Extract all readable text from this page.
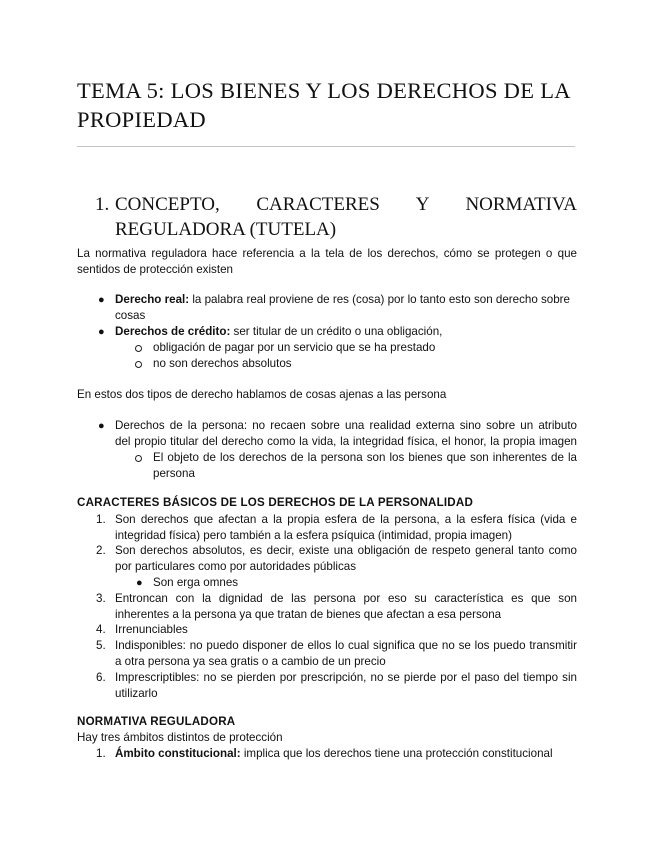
TEMA 5: LOS BIENES Y LOS DERECHOS DE LA
PROPIEDAD
1. CONCEPTO, CARACTERES Y NORMATIVA
REGULADORA (TUTELA)
La normativa reguladora hace referencia a la tela de los derechos, cómo se protegen o que
sentidos de protección existen
● Derecho real: la palabra real proviene de res (cosa) por lo tanto esto son derecho sobre
cosas
● Derechos de crédito: ser titular de un crédito o una obligación,
obligación de pagar por un servicio que se ha prestado
no son derechos absolutos
En estos dos tipos de derecho hablamos de cosas ajenas a las persona
● Derechos de la persona: no recaen sobre una realidad externa sino sobre un atributo
del propio titular del derecho como la vida, la integridad física, el honor, la propia imagen
El objeto de los derechos de la persona son los bienes que son inherentes de la
persona
CARACTERES BÁSICOS DE LOS DERECHOS DE LA PERSONALIDAD
1. Son derechos que afectan a la propia esfera de la persona, a la esfera física (vida e
integridad física) pero también a la esfera psíquica (intimidad, propia imagen)
2. Son derechos absolutos, es decir, existe una obligación de respeto general tanto como
por particulares como por autoridades públicas
● Son erga omnes
3. Entroncan con la dignidad de las persona por eso su característica es que son
inherentes a la persona ya que tratan de bienes que afectan a esa persona
4. Irrenunciables
5. Indisponibles: no puedo disponer de ellos lo cual significa que no se los puedo transmitir
a otra persona ya sea gratis o a cambio de un precio
6. Imprescriptibles: no se pierden por prescripción, no se pierde por el paso del tiempo sin
utilizarlo
NORMATIVA REGULADORA
Hay tres ámbitos distintos de protección
1. Ámbito constitucional: implica que los derechos tiene una protección constitucional
